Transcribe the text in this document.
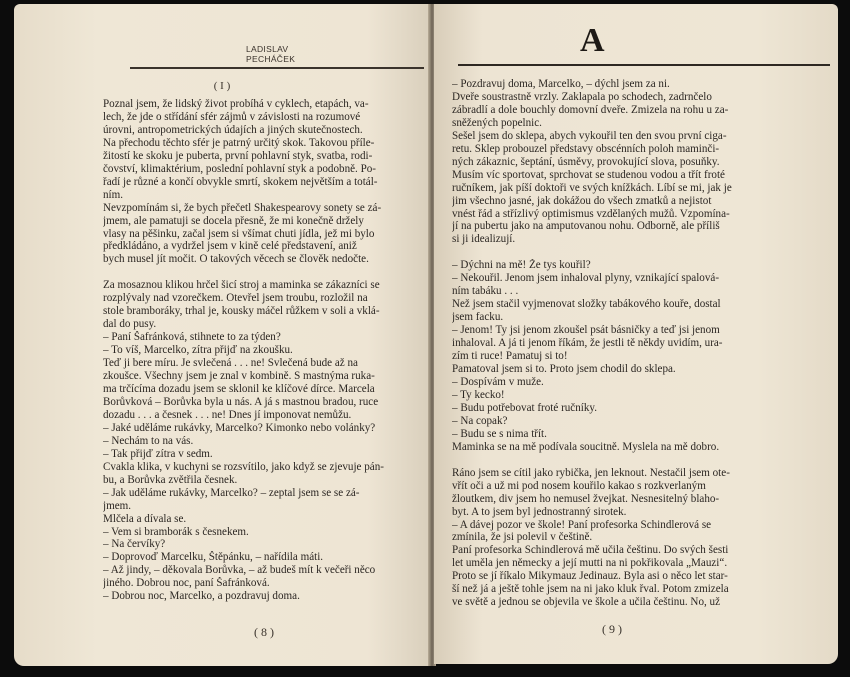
LADISLAV
PECHÁČEK
( I )
( 8 )	( 9 )
A
Poznal jsem, že lidský život probíhá v cyklech, etapách, va-
lech, že jde o střídání sfér zájmů v závislosti na rozumové
úrovni, antropometrických údajích a jiných skutečnostech.
Na přechodu těchto sfér je patrný určitý skok. Takovou příle-
žitostí ke skoku je puberta, první pohlavní styk, svatba, rodi-
čovství, klimaktérium, poslední pohlavní styk a podobně. Po-
řadí je různé a končí obvykle smrtí, skokem největším a totál-
ním.
Nevzpomínám si, že bych přečetl Shakespearovy sonety se zá-
jmem, ale pamatuji se docela přesně, že mi konečně držely
vlasy na pěšinku, začal jsem si všímat chuti jídla, jež mi bylo
předkládáno, a vydržel jsem v kině celé představení, aniž
bych musel jít močit. O takových věcech se člověk nedočte.
Za mosaznou klikou hrčel šicí stroj a maminka se zákazníci se
rozplývaly nad vzorečkem. Otevřel jsem troubu, rozložil na
stole bramboráky, trhal je, kousky máčel růžkem v soli a vklá-
dal do pusy.
– Paní Šafránková, stihnete to za týden?
– To víš, Marcelko, zítra přijď na zkoušku.
Teď ji bere míru. Je svlečená . . . ne! Svlečená bude až na
zkoušce. Všechny jsem je znal v kombině. S mastnýma ruka-
ma trčícíma dozadu jsem se sklonil ke klíčové dírce. Marcela
Borůvková – Borůvka byla u nás. A já s mastnou bradou, ruce
dozadu . . . a česnek . . . ne! Dnes jí imponovat nemůžu.
– Jaké uděláme rukávky, Marcelko? Kimonko nebo volánky?
– Nechám to na vás.
– Tak přijď zítra v sedm.
Cvakla klika, v kuchyni se rozsvítilo, jako když se zjevuje pán-
bu, a Borůvka zvětřila česnek.
– Jak uděláme rukávky, Marcelko? – zeptal jsem se se zá-
jmem.
Mlčela a dívala se.
– Vem si bramborák s česnekem.
– Na červíky?
– Doprovoď Marcelku, Štěpánku, – nařídila máti.
– Až jindy, – děkovala Borůvka, – až budeš mít k večeři něco
jiného. Dobrou noc, paní Šafránková.
– Dobrou noc, Marcelko, a pozdravuj doma.
– Pozdravuj doma, Marcelko, – dýchl jsem za ni.
Dveře soustrastně vrzly. Zaklapala po schodech, zadrnčelo
zábradlí a dole bouchly domovní dveře. Zmizela na rohu u za-
sněžených popelnic.
Sešel jsem do sklepa, abych vykouřil ten den svou první ciga-
retu. Sklep probouzel představy obscénních poloh maminči-
ných zákaznic, šeptání, úsměvy, provokující slova, posuňky.
Musím víc sportovat, sprchovat se studenou vodou a třít froté
ručníkem, jak píší doktoři ve svých knížkách. Líbí se mi, jak je
jim všechno jasné, jak dokážou do všech zmatků a nejistot
vnést řád a střízlivý optimismus vzdělaných mužů. Vzpomína-
jí na pubertu jako na amputovanou nohu. Odborně, ale příliš
si ji idealizují.
– Dýchni na mě! Že tys kouřil?
– Nekouřil. Jenom jsem inhaloval plyny, vznikající spalová-
ním tabáku . . .
Než jsem stačil vyjmenovat složky tabákového kouře, dostal
jsem facku.
– Jenom! Ty jsi jenom zkoušel psát básničky a teď jsi jenom
inhaloval. A já ti jenom říkám, že jestli tě někdy uvidím, ura-
zím ti ruce! Pamatuj si to!
Pamatoval jsem si to. Proto jsem chodil do sklepa.
– Dospívám v muže.
– Ty kecko!
– Budu potřebovat froté ručníky.
– Na copak?
– Budu se s nima třít.
Maminka se na mě podívala soucitně. Myslela na mě dobro.
Ráno jsem se cítil jako rybička, jen leknout. Nestačil jsem ote-
vřít oči a už mi pod nosem kouřilo kakao s rozkverlaným
žloutkem, div jsem ho nemusel žvejkat. Nesnesitelný blaho-
byt. A to jsem byl jednostranný sirotek.
– A dávej pozor ve škole! Paní profesorka Schindlerová se
zmínila, že jsi polevil v češtině.
Paní profesorka Schindlerová mě učila češtinu. Do svých šesti
let uměla jen německy a její mutti na ni pokřikovala „Mauzi“.
Proto se jí říkalo Mikymauz Jedinauz. Byla asi o něco let star-
ší než já a ještě tohle jsem na ni jako kluk řval. Potom zmizela
ve světě a jednou se objevila ve škole a učila češtinu. No, už
